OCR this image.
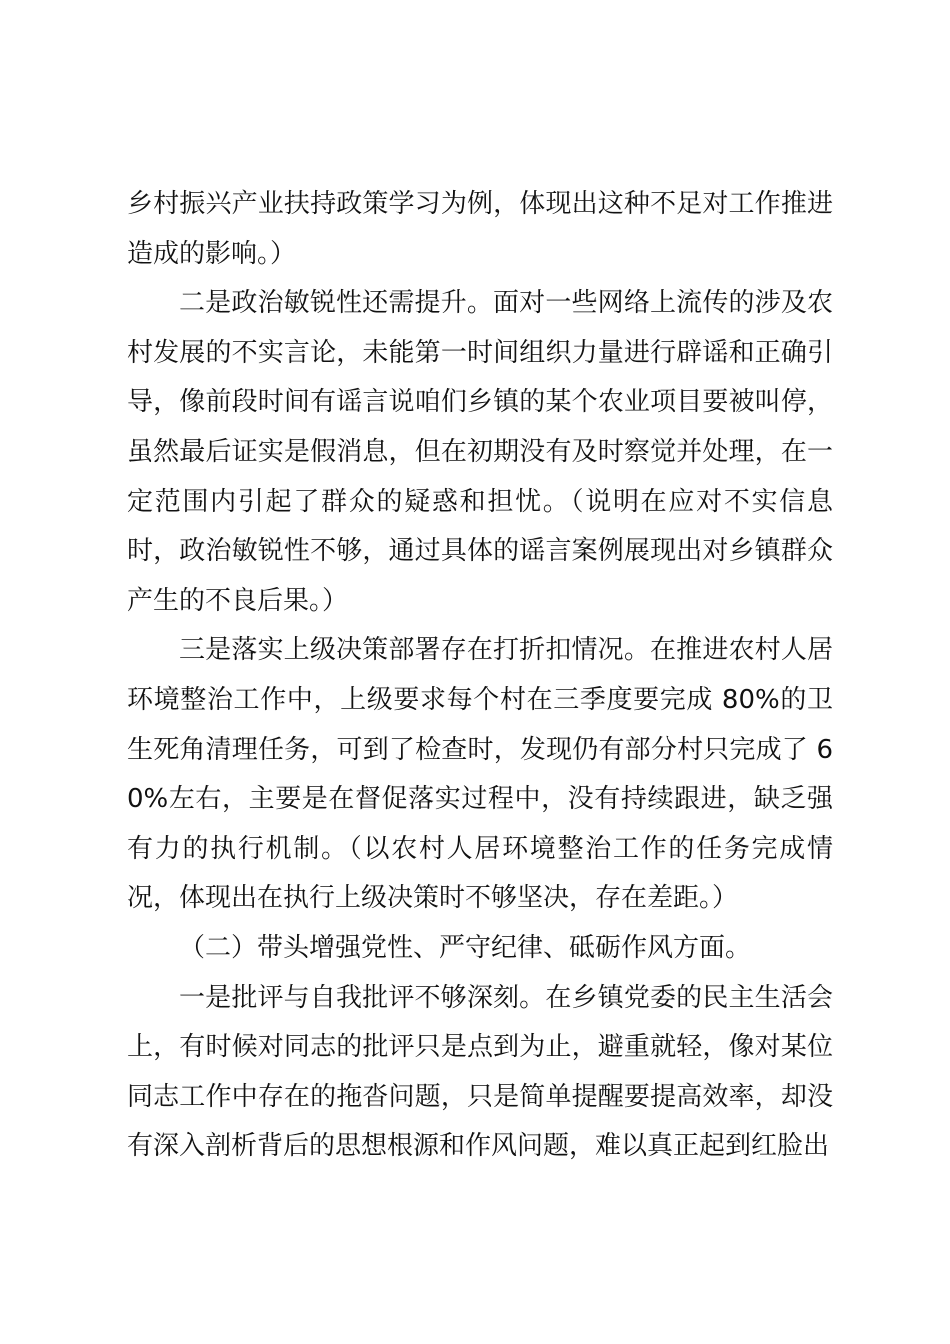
乡村振兴产业扶持政策学习为例，体现出这种不足对工作推进造成的影响。）

二是政治敏锐性还需提升。面对一些网络上流传的涉及农村发展的不实言论，未能第一时间组织力量进行辟谣和正确引导，像前段时间有谣言说咱们乡镇的某个农业项目要被叫停，虽然最后证实是假消息，但在初期没有及时察觉并处理，在一定范围内引起了群众的疑惑和担忧。（说明在应对不实信息时，政治敏锐性不够，通过具体的谣言案例展现出对乡镇群众产生的不良后果。）

三是落实上级决策部署存在打折扣情况。在推进农村人居环境整治工作中，上级要求每个村在三季度要完成 80%的卫生死角清理任务，可到了检查时，发现仍有部分村只完成了 60%左右，主要是在督促落实过程中，没有持续跟进，缺乏强有力的执行机制。（以农村人居环境整治工作的任务完成情况，体现出在执行上级决策时不够坚决，存在差距。）

（二）带头增强党性、严守纪律、砥砺作风方面。

一是批评与自我批评不够深刻。在乡镇党委的民主生活会上，有时候对同志的批评只是点到为止，避重就轻，像对某位同志工作中存在的拖沓问题，只是简单提醒要提高效率，却没有深入剖析背后的思想根源和作风问题，难以真正起到红脸出
